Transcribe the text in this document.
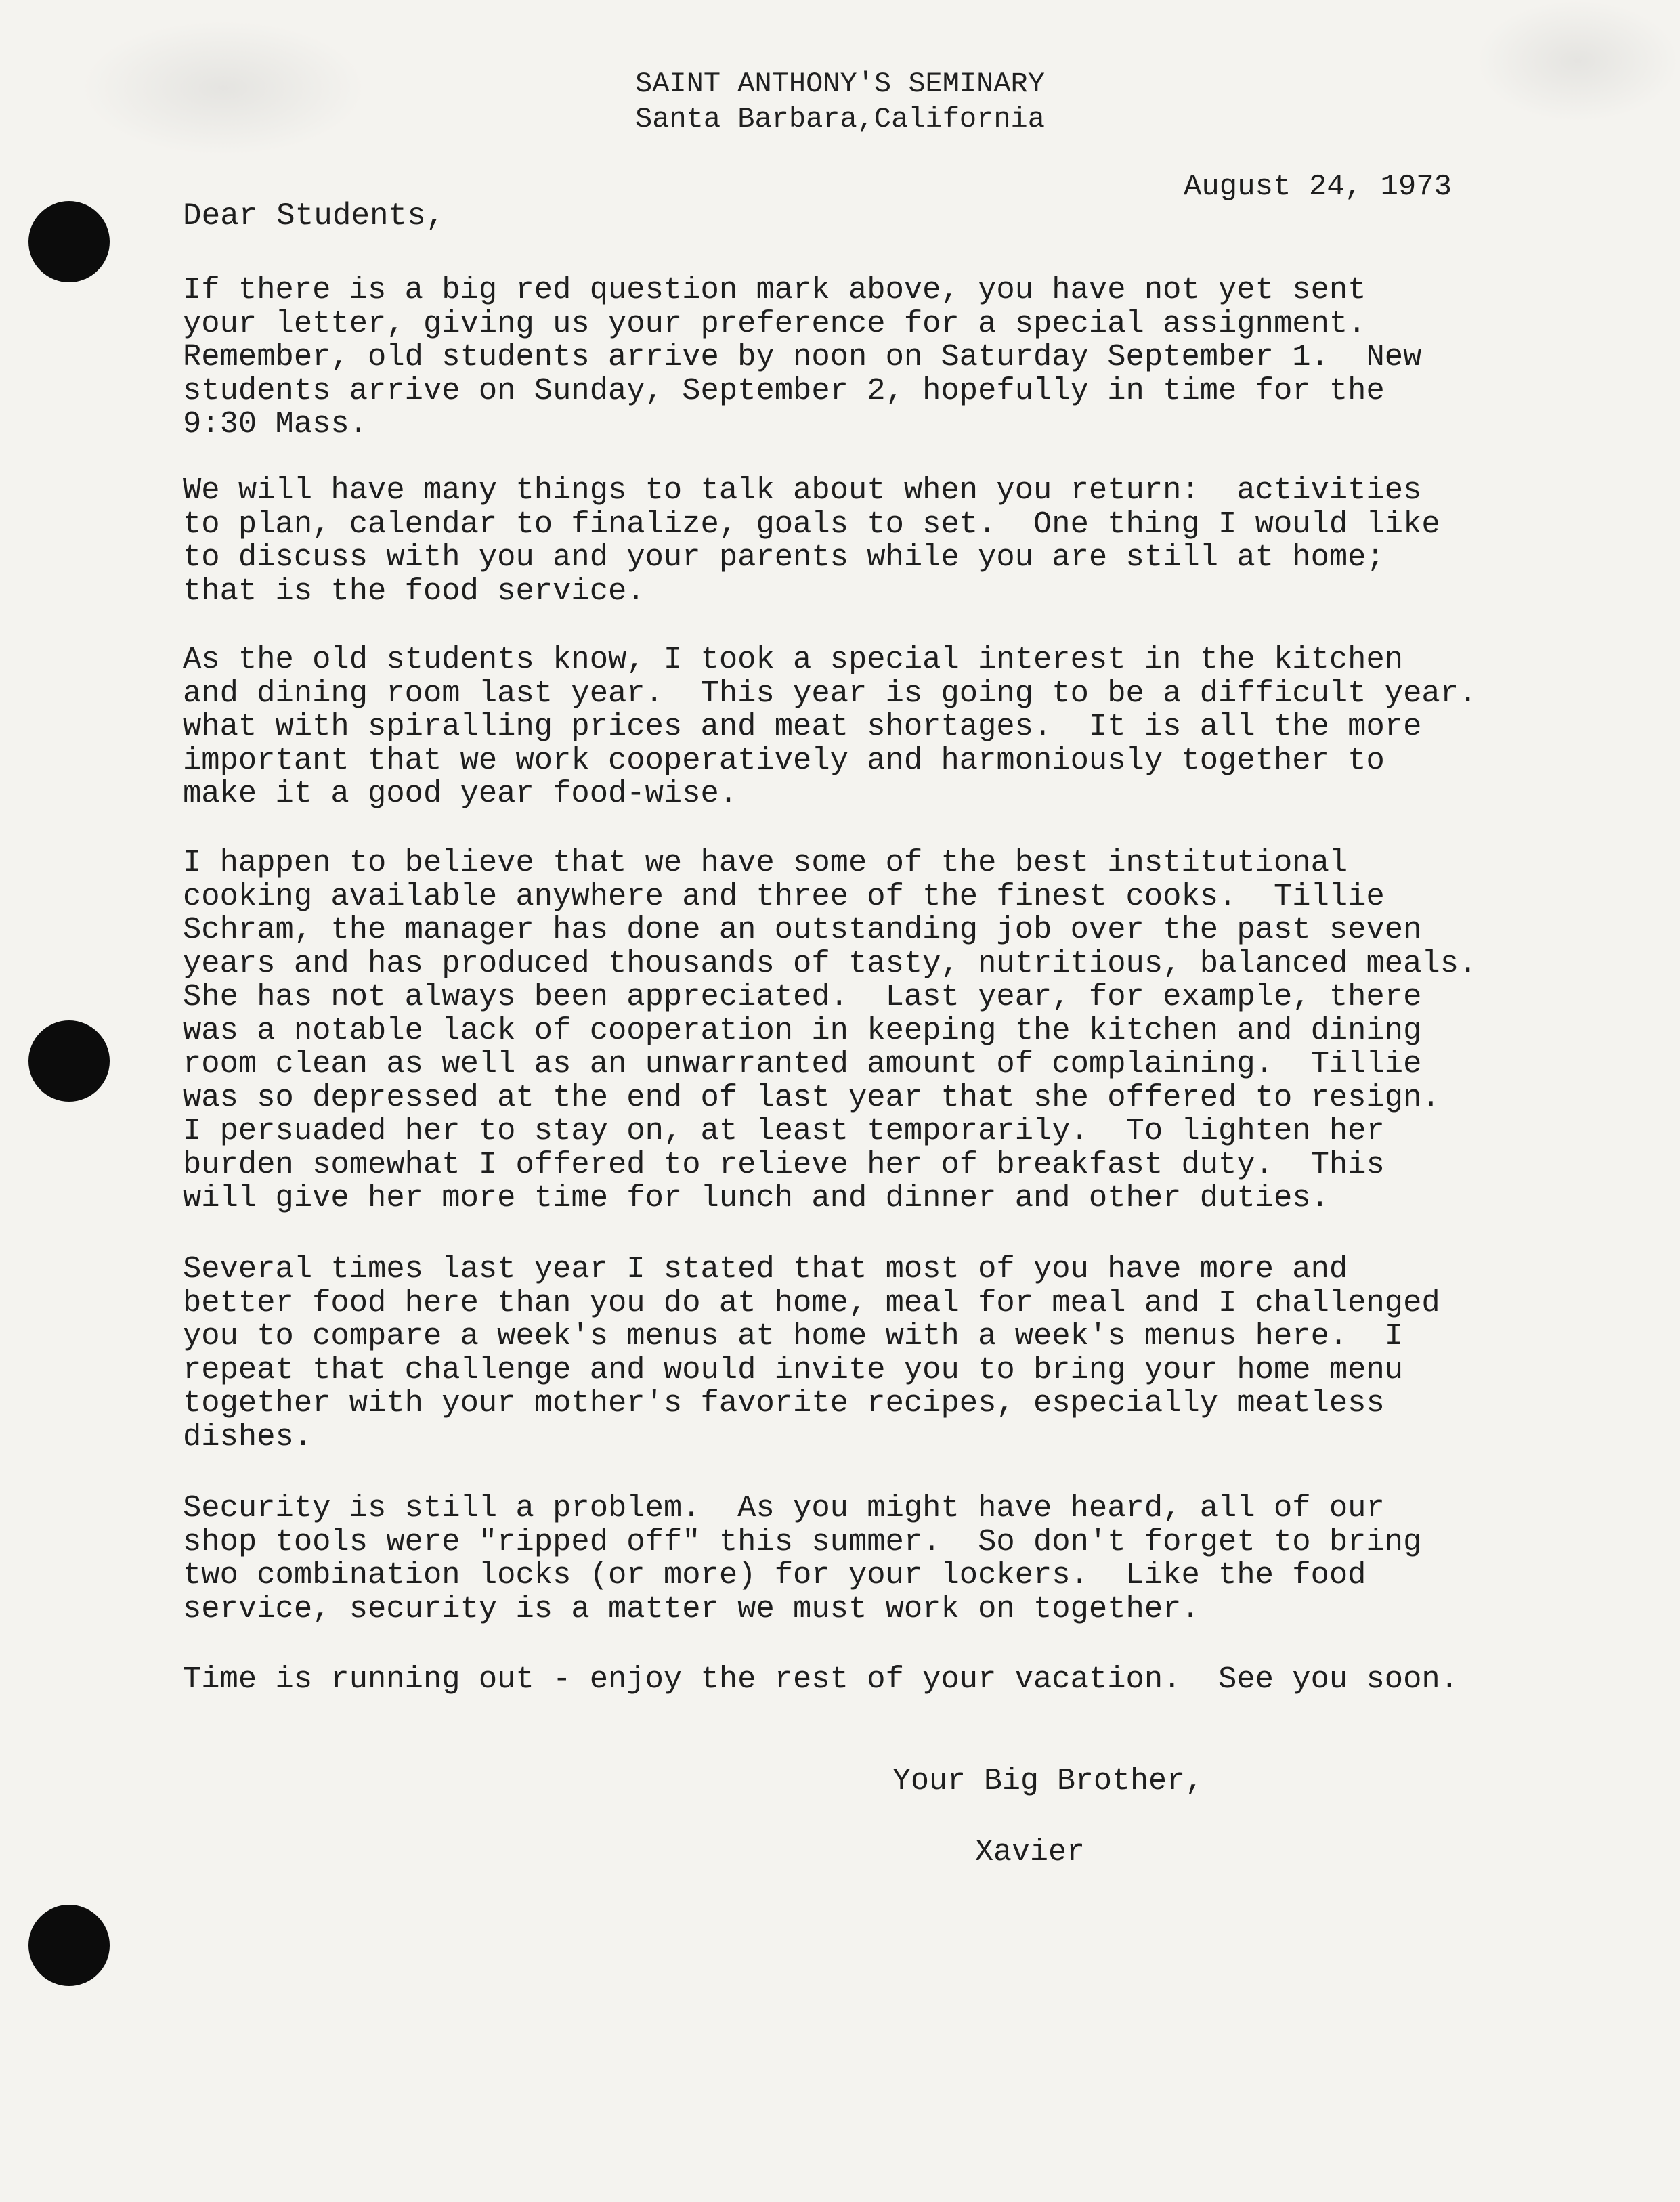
SAINT ANTHONY'S SEMINARY
Santa Barbara,California
August 24, 1973
Dear Students,
If there is a big red question mark above, you have not yet sent
your letter, giving us your preference for a special assignment.
Remember, old students arrive by noon on Saturday September 1.  New
students arrive on Sunday, September 2, hopefully in time for the
9:30 Mass.
We will have many things to talk about when you return:  activities
to plan, calendar to finalize, goals to set.  One thing I would like
to discuss with you and your parents while you are still at home;
that is the food service.
As the old students know, I took a special interest in the kitchen
and dining room last year.  This year is going to be a difficult year.
what with spiralling prices and meat shortages.  It is all the more
important that we work cooperatively and harmoniously together to
make it a good year food-wise.
I happen to believe that we have some of the best institutional
cooking available anywhere and three of the finest cooks.  Tillie
Schram, the manager has done an outstanding job over the past seven
years and has produced thousands of tasty, nutritious, balanced meals.
She has not always been appreciated.  Last year, for example, there
was a notable lack of cooperation in keeping the kitchen and dining
room clean as well as an unwarranted amount of complaining.  Tillie
was so depressed at the end of last year that she offered to resign.
I persuaded her to stay on, at least temporarily.  To lighten her
burden somewhat I offered to relieve her of breakfast duty.  This
will give her more time for lunch and dinner and other duties.
Several times last year I stated that most of you have more and
better food here than you do at home, meal for meal and I challenged
you to compare a week's menus at home with a week's menus here.  I
repeat that challenge and would invite you to bring your home menu
together with your mother's favorite recipes, especially meatless
dishes.
Security is still a problem.  As you might have heard, all of our
shop tools were "ripped off" this summer.  So don't forget to bring
two combination locks (or more) for your lockers.  Like the food
service, security is a matter we must work on together.
Time is running out - enjoy the rest of your vacation.  See you soon.
Your Big Brother,
Xavier
